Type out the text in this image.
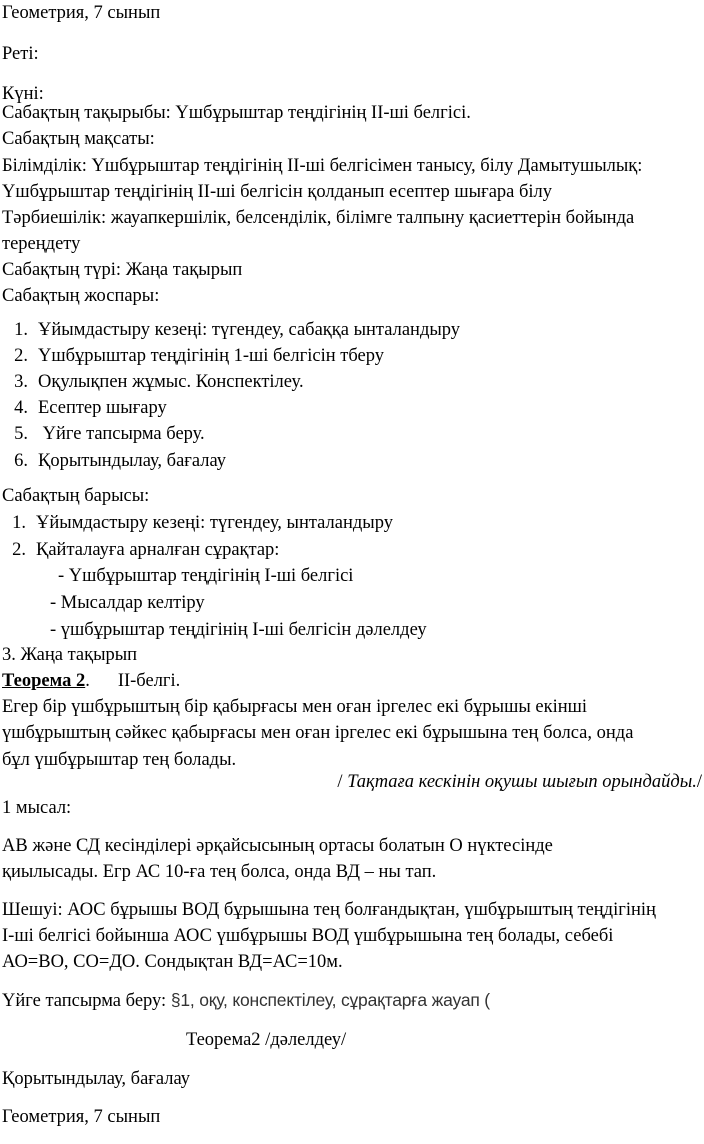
Геометрия, 7 сынып
Реті:
Күні:
Сабақтың тақырыбы: Үшбұрыштар теңдігінің II-ші белгісі.
Сабақтың мақсаты:
Білімділік: Үшбұрыштар теңдігінің II-ші белгісімен танысу, білу Дамытушылық:
Үшбұрыштар теңдігінің II-ші белгісін қолданып есептер шығара білу
Тәрбиешілік: жауапкершілік, белсенділік, білімге талпыну қасиеттерін бойында
тереңдету
Сабақтың түрі: Жаңа тақырып
Сабақтың жоспары:
1. Ұйымдастыру кезеңі: түгендеу, сабаққа ынталандыру
2. Үшбұрыштар теңдігінің 1-ші белгісін тберу
3. Оқулықпен жұмыс. Конспектілеу.
4. Есептер шығару
5. Үйге тапсырма беру.
6. Қорытындылау, бағалау
Сабақтың барысы:
1. Ұйымдастыру кезеңі: түгендеу, ынталандыру
2. Қайталауға арналған сұрақтар:
- Үшбұрыштар теңдігінің І-ші белгісі
- Мысалдар келтіру
- үшбұрыштар теңдігінің І-ші белгісін дәлелдеу
3. Жаңа тақырып
Теорема 2. II-белгі.
Егер бір үшбұрыштың бір қабырғасы мен оған іргелес екі бұрышы екінші
үшбұрыштың сәйкес қабырғасы мен оған іргелес екі бұрышына тең болса, онда
бұл үшбұрыштар тең болады.
/ Тақтаға кескінін оқушы шығып орындайды./
1 мысал:
АВ және СД кесінділері әрқайсысының ортасы болатын О нүктесінде
қиылысады. Егр АС 10-ға тең болса, онда ВД – ны тап.
Шешуі: АОС бұрышы ВОД бұрышына тең болғандықтан, үшбұрыштың теңдігінің
І-ші белгісі бойынша АОС үшбұрышы ВОД үшбұрышына тең болады, себебі
АО=ВО, СО=ДО. Сондықтан ВД=АС=10м.
Үйге тапсырма беру: §1, оқу, конспектілеу, сұрақтарға жауап (
Теорема2 /дәлелдеу/
Қорытындылау, бағалау
Геометрия, 7 сынып
